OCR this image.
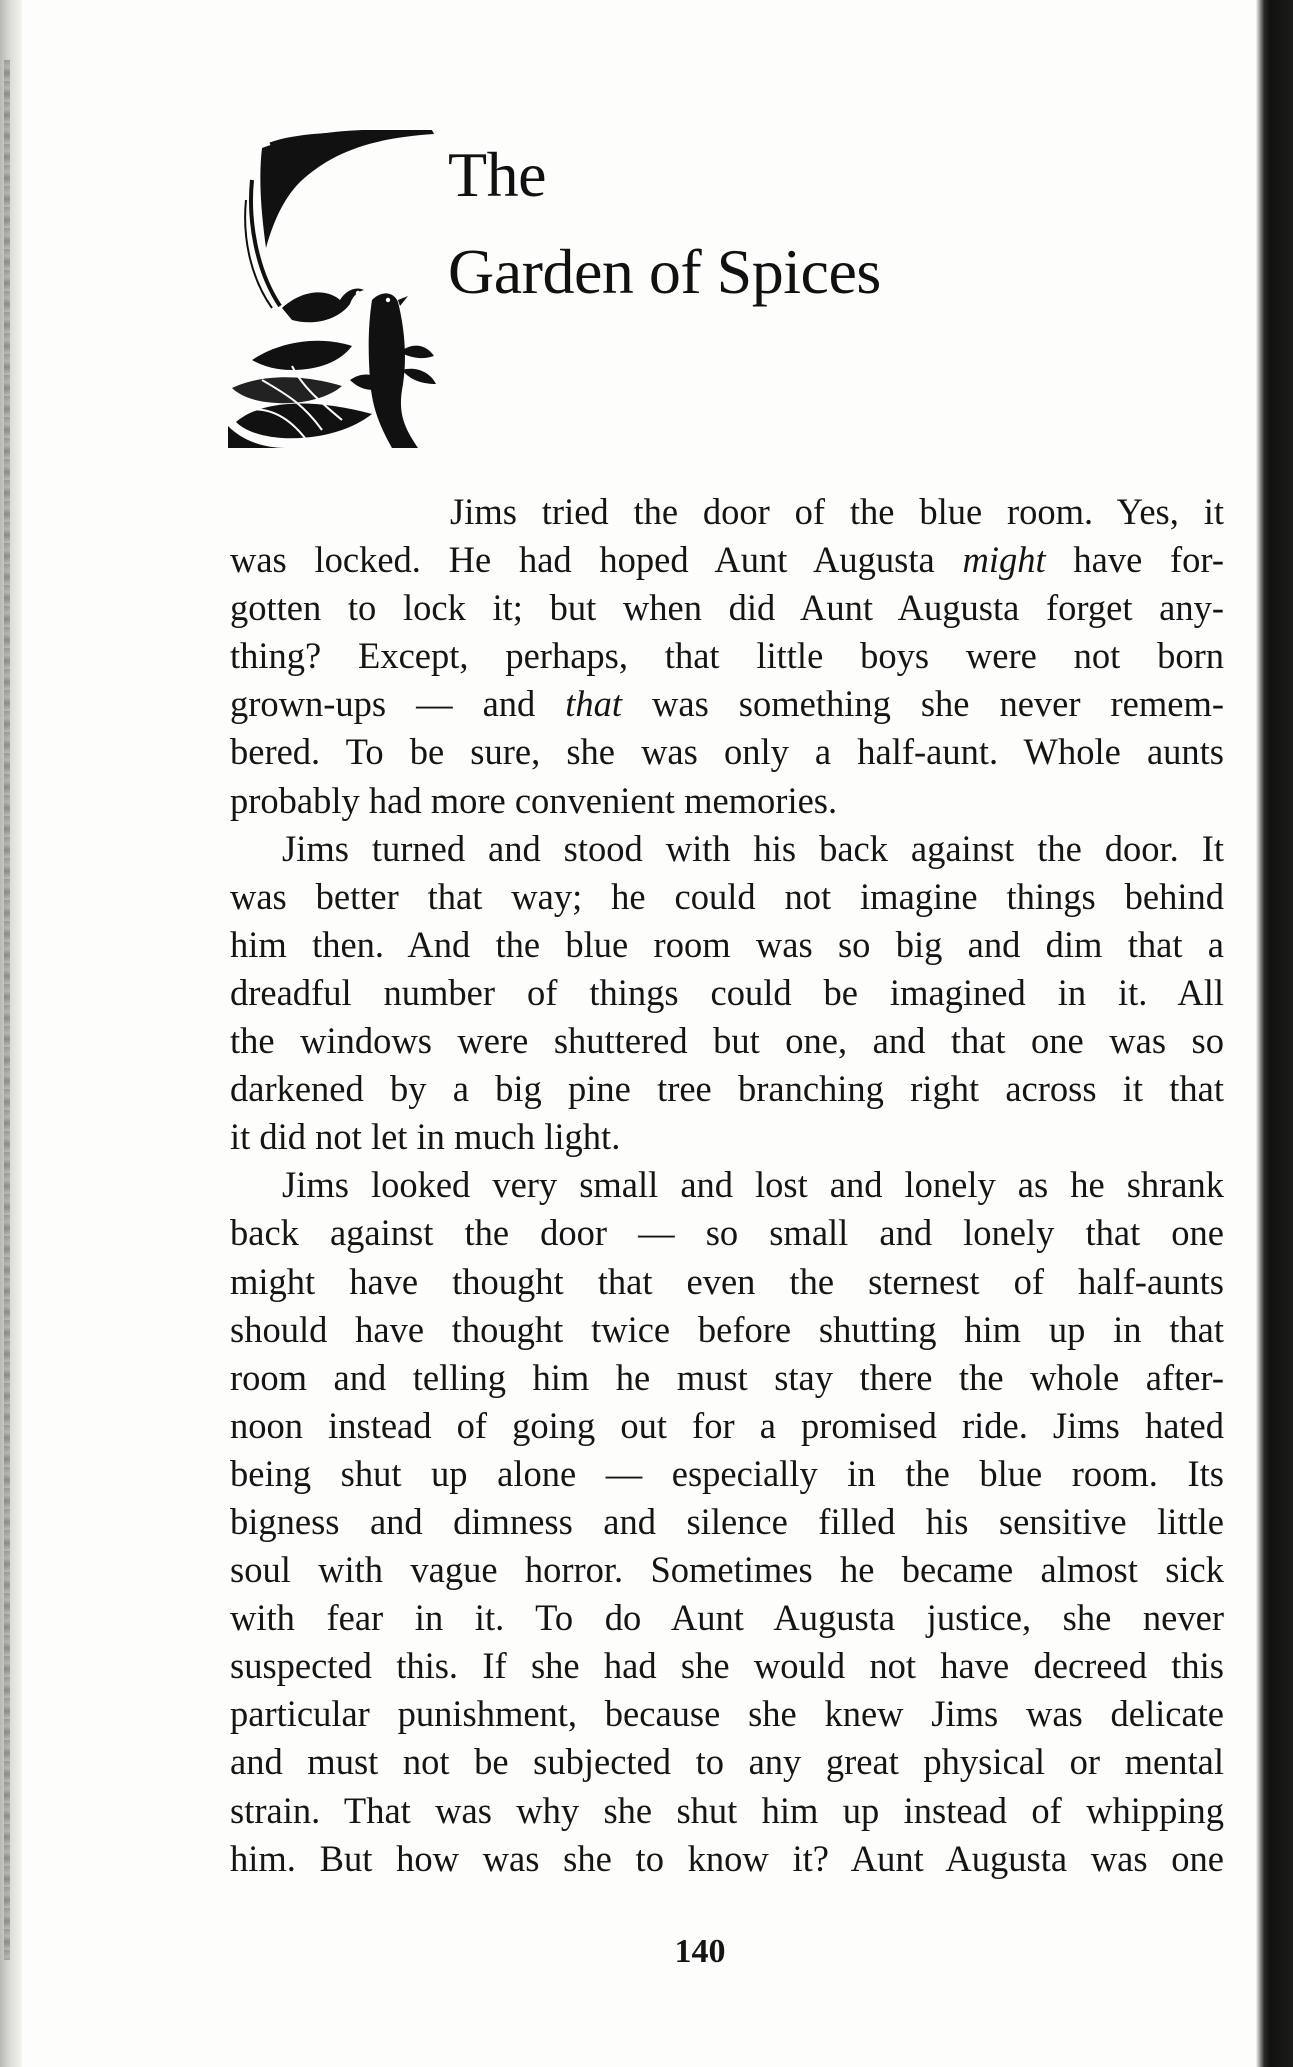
The
Garden of Spices
Jims tried the door of the blue room. Yes, it
was locked. He had hoped Aunt Augusta might have for-
gotten to lock it; but when did Aunt Augusta forget any-
thing? Except, perhaps, that little boys were not born
grown-ups — and that was something she never remem-
bered. To be sure, she was only a half-aunt. Whole aunts
probably had more convenient memories.
Jims turned and stood with his back against the door. It
was better that way; he could not imagine things behind
him then. And the blue room was so big and dim that a
dreadful number of things could be imagined in it. All
the windows were shuttered but one, and that one was so
darkened by a big pine tree branching right across it that
it did not let in much light.
Jims looked very small and lost and lonely as he shrank
back against the door — so small and lonely that one
might have thought that even the sternest of half-aunts
should have thought twice before shutting him up in that
room and telling him he must stay there the whole after-
noon instead of going out for a promised ride. Jims hated
being shut up alone — especially in the blue room. Its
bigness and dimness and silence filled his sensitive little
soul with vague horror. Sometimes he became almost sick
with fear in it. To do Aunt Augusta justice, she never
suspected this. If she had she would not have decreed this
particular punishment, because she knew Jims was delicate
and must not be subjected to any great physical or mental
strain. That was why she shut him up instead of whipping
him. But how was she to know it? Aunt Augusta was one

140
